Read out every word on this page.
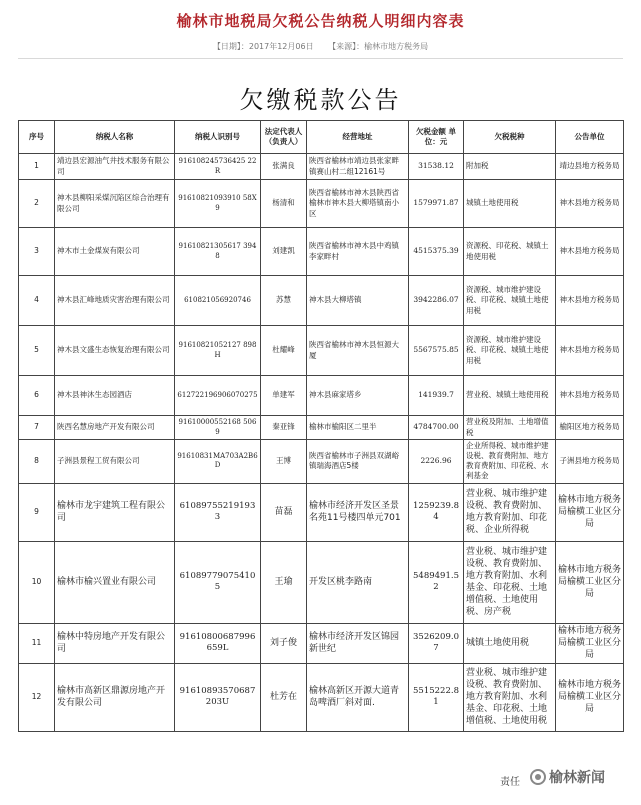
榆林市地税局欠税公告纳税人明细内容表
【日期】：2017年12月06日 【来源】：榆林市地方税务局
欠缴税款公告
序号	纳税人名称	纳税人识别号	法定代表人（负责人）	经营地址	欠税金额 单位：元	欠税税种	公告单位
1	靖边县宏源油气井技术服务有限公司	916108245736425 22R	张满良	陕西省榆林市靖边县张家畔镇赛山村二组12161号	31538.12	附加税	靖边县地方税务局
2	神木县柳阳采煤沉陷区综合治理有限公司	91610821093910 58X9	杨清和	陕西省榆林市神木县陕西省榆林市神木县大柳塔镇南小区	1579971.87	城镇土地使用税	神木县地方税务局
3	神木市土金煤炭有限公司	91610821305617 3948	刘建凯	陕西省榆林市神木县中鸡镇李家畔村	4515375.39	资源税、印花税、城镇土地使用税	神木县地方税务局
4	神木县汇峰地质灾害治理有限公司	610821056920746	苏慧	神木县大柳塔镇	3942286.07	资源税、城市维护建设税、印花税、城镇土地使用税	神木县地方税务局
5	神木县文盛生态恢复治理有限公司	91610821052127 898H	杜耀峰	陕西省榆林市神木县恒源大厦	5567575.85	资源税、城市维护建设税、印花税、城镇土地使用税	神木县地方税务局
6	神木县神沐生态园酒店	612722196906070275	单建军	神木县麻家塔乡	141939.7	营业税、城镇土地使用税	神木县地方税务局
7	陕西名慧房地产开发有限公司	91610000552168 5069	秦亚锋	榆林市榆阳区二里半	4784700.00	营业税及附加、土地增值税	榆阳区地方税务局
8	子洲县景程工贸有限公司	91610831MA703A2B6D	王博	陕西省榆林市子洲县双湖峪镇瑞海酒店5楼	2226.96	企业所得税、城市维护建设税、教育费附加、地方教育费附加、印花税、水利基金	子洲县地方税务局
9	榆林市龙宇建筑工程有限公司	610897552191933	苗磊	榆林市经济开发区圣景名苑11号楼四单元701	1259239.84	营业税、城市维护建设税、教育费附加、地方教育附加、印花税、企业所得税	榆林市地方税务局榆横工业区分局
10	榆林市榆兴置业有限公司	610897790754105	王瑜	开发区桃李路南	5489491.52	营业税、城市维护建设税、教育费附加、地方教育附加、水利基金、印花税、土地增值税、土地使用税、房产税	榆林市地方税务局榆横工业区分局
11	榆林中特房地产开发有限公司	91610800687996 659L	刘子俊	榆林市经济开发区锦园新世纪	3526209.07	城镇土地使用税	榆林市地方税务局榆横工业区分局
12	榆林市高新区鼎源房地产开发有限公司	91610893570687 203U	杜芳在	榆林高新区开源大道青岛啤酒厂斜对面.	5515222.81	营业税、城市维护建设税、教育费附加、地方教育附加、水利基金、印花税、土地增值税、土地使用税	榆林市地方税务局榆横工业区分局
责任 榆林新闻
